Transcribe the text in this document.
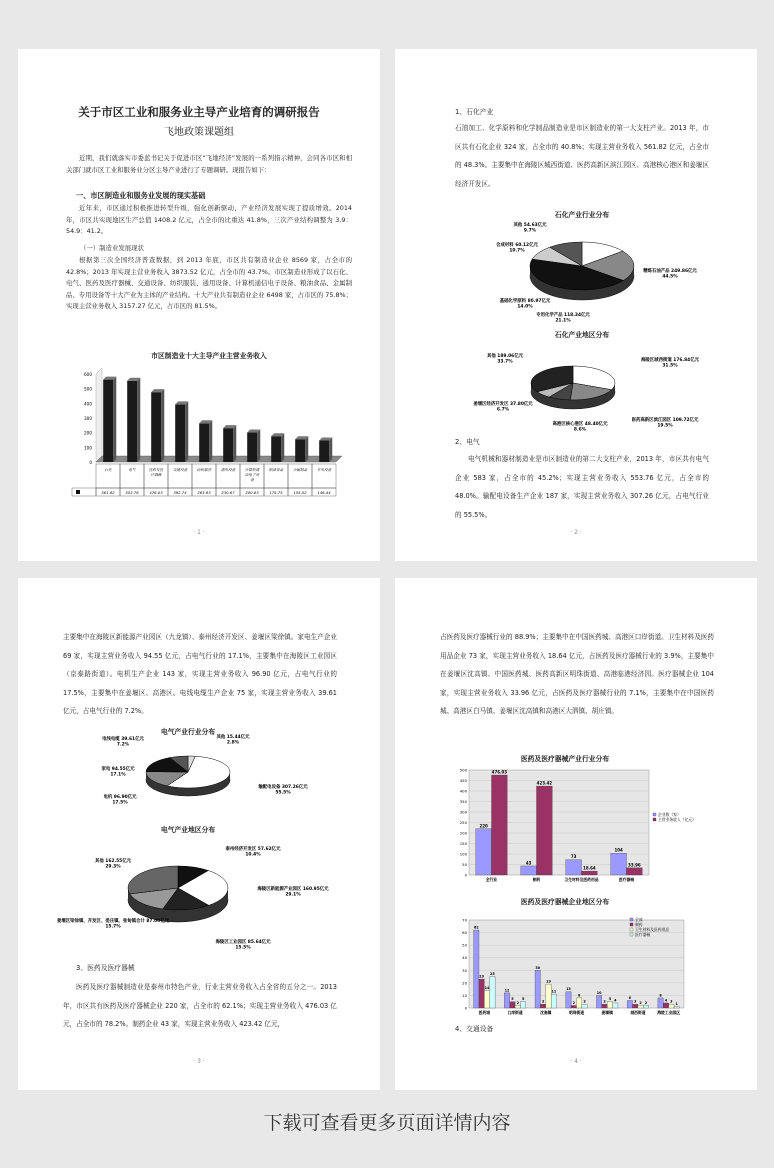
关于市区工业和服务业主导产业培育的调研报告
飞地政策课题组
近期，我们就落实市委蓝书记关于促进市区“飞地经济”发展的一系列指示精神，会同各市区和相关部门就市区工业和服务业分区主导产业进行了专题调研。现报告如下：
一、市区制造业和服务业发展的现实基础
近年来，市区通过积极推进转型升级，强化创新驱动，产业经济发展实现了提质增效。2014 年，市区共实现地区生产总值 1408.2 亿元，占全市的比重达 41.8%，三次产业结构调整为 3.9：54.9：41.2。
（一）制造业发展现状
根据第三次全国经济普查数据，到 2013 年底，市区共有制造业企业 8569 家，占全市的 42.8%；2013 年实现主营业务收入 3873.52 亿元，占全市的 43.7%。市区制造业形成了以石化、电气、医药及医疗器械、交通设备、纺织服装、通用设备、计算机通信电子设备、粮油食品、金属制品、专用设备等十大产业为主体的产业结构。十大产业共有制造业企业 6498 家，占市区的 75.8%；实现主营业务收入 3157.27 亿元，占市区的 81.5%。
市区制造业十大主导产业主营业务收入
0
100
200
300
400
500
600
石化
561.82
电气
553.76
医药及医
疗器械
476.03
交通设备
392.74
纺织服装
263.83
通用设备
230.67
计算机通
信电子设
备
200.83
粮油食品
175.75
金属制品
155.52
专用设备
146.44
· 1 ·
1、石化产业
石油加工、化学原料和化学制品制造业是市区制造业的第一大支柱产业。2013 年，市区共有石化企业 324 家，占全市的 40.8%；实现主营业务收入 561.82 亿元，占全市的 48.3%。主要集中在海陵区城西街道、医药高新区滨江园区、高港核心港区和姜堰区经济开发区。
石化产业行业分布
基础化学原料 80.97亿元
14.0%
专用化学产品 118.34亿元
21.1%
精炼石油产品 249.86亿元
44.5%
其他 54.63亿元
9.7%
合成材料 60.12亿元
10.7%
石化产业地区分布
海陵区城西街道 176.84亿元
31.5%
医药高新区滨江园区 109.72亿元
19.5%
高港区核心港区 48.40亿元
8.6%
姜堰区经济开发区 37.80亿元
6.7%
其他 189.06亿元
33.7%
2、电气
电气机械和器材制造业是市区制造业的第二大支柱产业，2013 年，市区共有电气企业 583 家，占全市的 45.2%；实现主营业务收入 553.76 亿元，占全市的 48.0%。输配电设备生产企业 187 家，实现主营业务收入 307.26 亿元，占电气行业的 55.5%。
· 2 ·
主要集中在海陵区新能源产业园区（九龙镇）、泰州经济开发区、姜堰区梁徐镇。家电生产企业 69 家，实现主营业务收入 94.55 亿元，占电气行业的 17.1%，主要集中在海陵区工业园区（京泰路街道）。电机生产企业 143 家，实现主营业务收入 96.90 亿元，占电气行业的 17.5%，主要集中在姜堰区、高港区。电线电缆生产企业 75 家，实现主营业务收入 39.61 亿元，占电气行业的 7.2%。
电气产业行业分布
其他 15.44亿元
2.8%
输配电设备 307.26亿元
55.5%
家电 94.55亿元
17.1%
电机 96.90亿元
17.5%
电线电缆 39.61亿元
7.2%
电气产业地区分布
泰州经济开发区 57.62亿元
10.4%
海陵区新能源产业园区 160.95亿元
29.1%
海陵区工业园区 85.64亿元
15.5%
姜堰区梁徐镇、开发区、娄庄镇、张甸镇合计 87.00亿元
15.7%
其他 162.55亿元
29.3%
3、医药及医疗器械
医药及医疗器械制造业是泰州市特色产业，行业主营业务收入占全省的五分之一。2013 年，市区共有医药及医疗器械企业 220 家，占全市的 62.1%；实现主营业务收入 476.03 亿元，占全市的 78.2%。制药企业 43 家，实现主营业务收入 423.42 亿元，
· 3 ·
占医药及医疗器械行业的 88.9%；主要集中在中国医药城、高港区口岸街道。卫生材料及医药用品企业 73 家，实现主营业务收入 18.64 亿元，占医药及医疗器械行业的 3.9%，主要集中在姜堰区沈高镇、中国医药城、医药高新区明珠街道、高港临港经济园。医疗器械企业 104 家，实现主营业务收入 33.96 亿元，占医药及医疗器械行业的 7.1%，主要集中在中国医药城、高港区白马镇、姜堰区沈高镇和高港区大泗镇、胡庄镇。
医药及医疗器械产业行业分布
0
50
100
150
200
250
300
350
400
450
500
220
476.03
全行业
43
423.42
制药
73
18.64
卫生材料及医药用品
104
33.96
医疗器械
企业数（家）
主营业务收入（亿元）
医药及医疗器械企业地区分布
0
10
20
30
40
50
60
70
62
23
14
25
医药城
12
5
2
5
口岸街道
30
3
19
11
沈高镇
13
2
8
3
明珠街道
10
3
5 4
姜堰镇
6
3 2 2
城西街道
8
4 3
1
海陵工业园区
全部
制药
卫生材料及医药用品
医疗器械
4、交通设备
· 4 ·
下载可查看更多页面详情内容
